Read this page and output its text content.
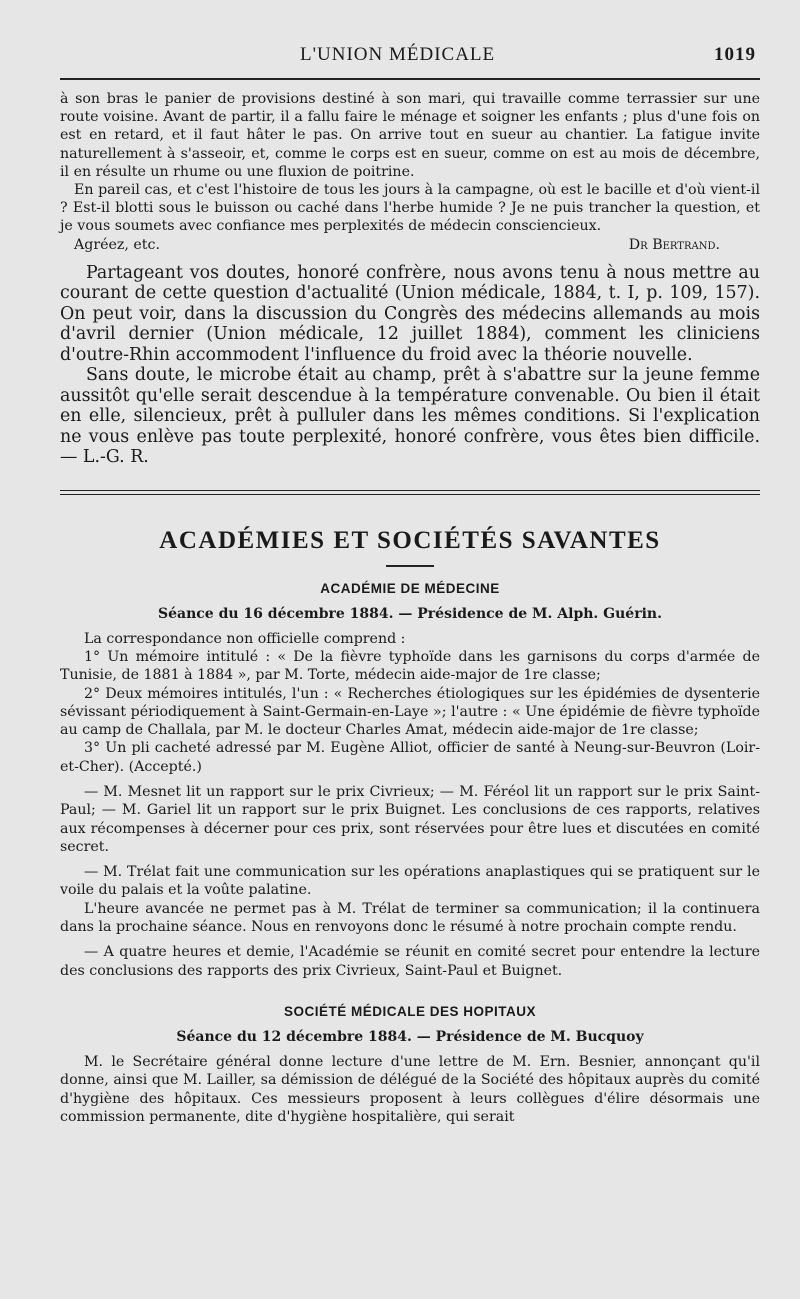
L'UNION MÉDICALE	1019

à son bras le panier de provisions destiné à son mari, qui travaille comme terrassier sur une route voisine. Avant de partir, il a fallu faire le ménage et soigner les enfants ; plus d'une fois on est en retard, et il faut hâter le pas. On arrive tout en sueur au chantier. La fatigue invite naturellement à s'asseoir, et, comme le corps est en sueur, comme on est au mois de décembre, il en résulte un rhume ou une fluxion de poitrine.

En pareil cas, et c'est l'histoire de tous les jours à la campagne, où est le bacille et d'où vient-il ? Est-il blotti sous le buisson ou caché dans l'herbe humide ? Je ne puis trancher la question, et je vous soumets avec confiance mes perplexités de médecin consciencieux.

Agréez, etc.	Dr Bertrand.

Partageant vos doutes, honoré confrère, nous avons tenu à nous mettre au courant de cette question d'actualité (Union médicale, 1884, t. I, p. 109, 157). On peut voir, dans la discussion du Congrès des médecins allemands au mois d'avril dernier (Union médicale, 12 juillet 1884), comment les cliniciens d'outre-Rhin accommodent l'influence du froid avec la théorie nouvelle.

Sans doute, le microbe était au champ, prêt à s'abattre sur la jeune femme aussitôt qu'elle serait descendue à la température convenable. Ou bien il était en elle, silencieux, prêt à pulluler dans les mêmes conditions. Si l'explication ne vous enlève pas toute perplexité, honoré confrère, vous êtes bien difficile. — L.-G. R.

ACADÉMIES ET SOCIÉTÉS SAVANTES
ACADÉMIE DE MÉDECINE
Séance du 16 décembre 1884. — Présidence de M. Alph. Guérin.

La correspondance non officielle comprend :

1° Un mémoire intitulé : « De la fièvre typhoïde dans les garnisons du corps d'armée de Tunisie, de 1881 à 1884 », par M. Torte, médecin aide-major de 1re classe;

2° Deux mémoires intitulés, l'un : « Recherches étiologiques sur les épidémies de dysenterie sévissant périodiquement à Saint-Germain-en-Laye »; l'autre : « Une épidémie de fièvre typhoïde au camp de Challala, par M. le docteur Charles Amat, médecin aide-major de 1re classe;

3° Un pli cacheté adressé par M. Eugène Alliot, officier de santé à Neung-sur-Beuvron (Loir-et-Cher). (Accepté.)

— M. Mesnet lit un rapport sur le prix Civrieux; — M. Féréol lit un rapport sur le prix Saint-Paul; — M. Gariel lit un rapport sur le prix Buignet. Les conclusions de ces rapports, relatives aux récompenses à décerner pour ces prix, sont réservées pour être lues et discutées en comité secret.

— M. Trélat fait une communication sur les opérations anaplastiques qui se pratiquent sur le voile du palais et la voûte palatine.

L'heure avancée ne permet pas à M. Trélat de terminer sa communication; il la continuera dans la prochaine séance. Nous en renvoyons donc le résumé à notre prochain compte rendu.

— A quatre heures et demie, l'Académie se réunit en comité secret pour entendre la lecture des conclusions des rapports des prix Civrieux, Saint-Paul et Buignet.

SOCIÉTÉ MÉDICALE DES HOPITAUX
Séance du 12 décembre 1884. — Présidence de M. Bucquoy

M. le Secrétaire général donne lecture d'une lettre de M. Ern. Besnier, annonçant qu'il donne, ainsi que M. Lailler, sa démission de délégué de la Société des hôpitaux auprès du comité d'hygiène des hôpitaux. Ces messieurs proposent à leurs collègues d'élire désormais une commission permanente, dite d'hygiène hospitalière, qui serait
